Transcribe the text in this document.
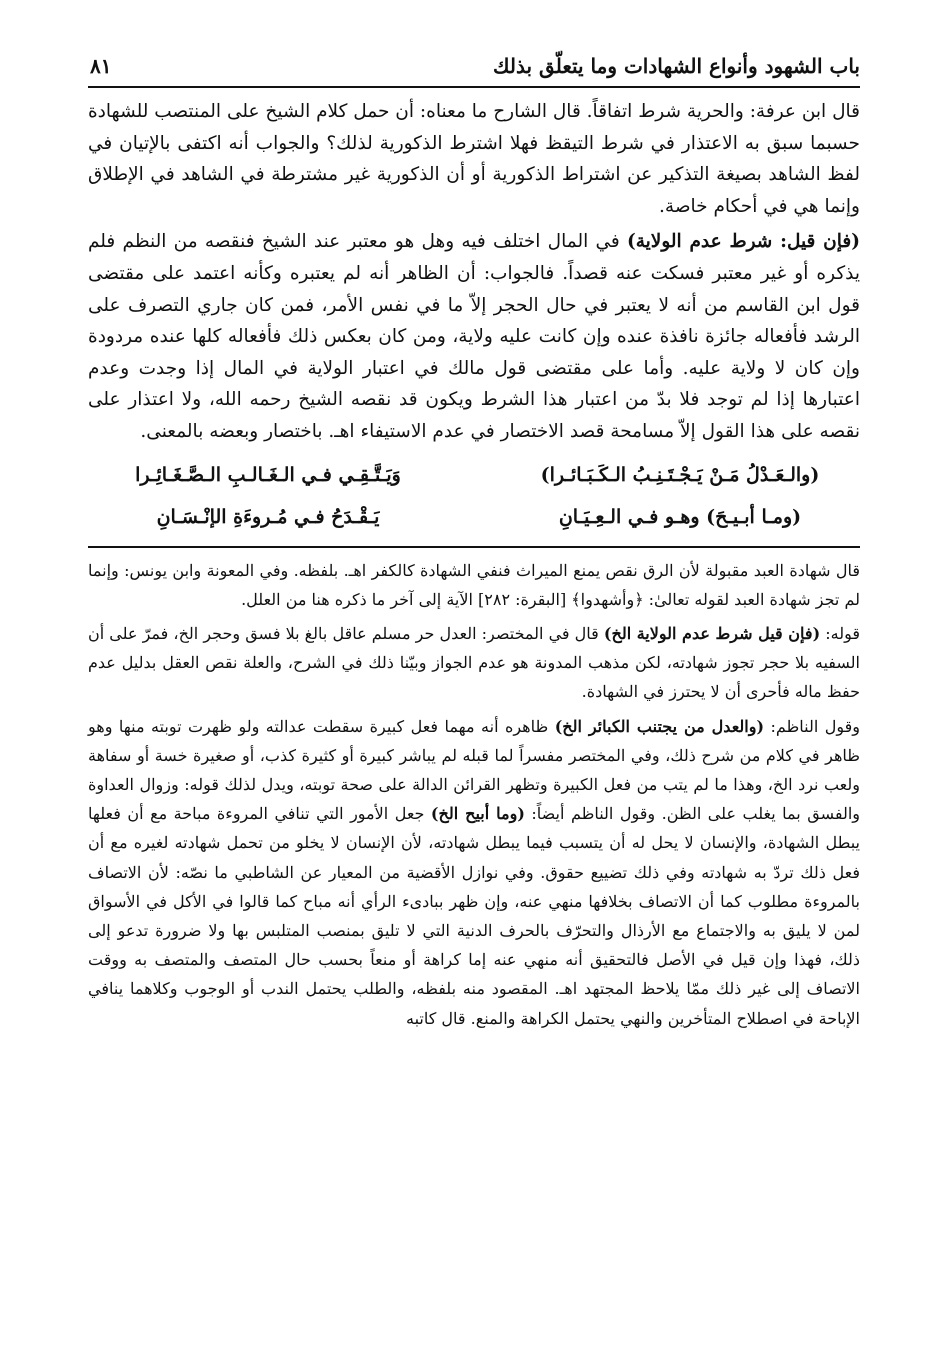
باب الشهود وأنواع الشهادات وما يتعلّق بذلك
٨١

قال ابن عرفة: والحرية شرط اتفاقاً. قال الشارح ما معناه: أن حمل كلام الشيخ على المنتصب للشهادة حسبما سبق به الاعتذار في شرط التيقظ فهلا اشترط الذكورية لذلك؟ والجواب أنه اكتفى بالإتيان في لفظ الشاهد بصيغة التذكير عن اشتراط الذكورية أو أن الذكورية غير مشترطة في الشاهد في الإطلاق وإنما هي في أحكام خاصة.

(فإن قيل: شرط عدم الولاية) في المال اختلف فيه وهل هو معتبر عند الشيخ فنقصه من النظم فلم يذكره أو غير معتبر فسكت عنه قصداً. فالجواب: أن الظاهر أنه لم يعتبره وكأنه اعتمد على مقتضى قول ابن القاسم من أنه لا يعتبر في حال الحجر إلاّ ما في نفس الأمر، فمن كان جاري التصرف على الرشد فأفعاله جائزة نافذة عنده وإن كانت عليه ولاية، ومن كان بعكس ذلك فأفعاله كلها عنده مردودة وإن كان لا ولاية عليه. وأما على مقتضى قول مالك في اعتبار الولاية في المال إذا وجدت وعدم اعتبارها إذا لم توجد فلا بدّ من اعتبار هذا الشرط ويكون قد نقصه الشيخ رحمه الله، ولا اعتذار على نقصه على هذا القول إلاّ مسامحة قصد الاختصار في عدم الاستيفاء اهـ. باختصار وبعضه بالمعنى.

(والـعَـدْلُ مَـنْ يَـجْـتَـنِـبُ الـكَـبَـائـرا)
وَيَـتَّـقِـي فـي الـغَـالـبِ الـصَّـغَـائِـرا
(ومـا أبـيـحَ) وهـو فـي الـعِـيَـانِ
يَـقْـدَحُ فـي مُـروءَةِ الإنْـسَـانِ

قال شهادة العبد مقبولة لأن الرق نقص يمنع الميراث فنفي الشهادة كالكفر اهـ. بلفظه. وفي المعونة وابن يونس: وإنما لم تجز شهادة العبد لقوله تعالىٰ: ﴿وأشهدوا﴾ [البقرة: ٢٨٢] الآية إلى آخر ما ذكره هنا من العلل.

قوله: (فإن قيل شرط عدم الولاية الخ) قال في المختصر: العدل حر مسلم عاقل بالغ بلا فسق وحجر الخ، فمرّ على أن السفيه بلا حجر تجوز شهادته، لكن مذهب المدونة هو عدم الجواز وبيّنا ذلك في الشرح، والعلة نقص العقل بدليل عدم حفظ ماله فأحرى أن لا يحترز في الشهادة.

وقول الناظم: (والعدل من يجتنب الكبائر الخ) ظاهره أنه مهما فعل كبيرة سقطت عدالته ولو ظهرت توبته منها وهو ظاهر في كلام من شرح ذلك، وفي المختصر مفسراً لما قبله لم يباشر كبيرة أو كثيرة كذب، أو صغيرة خسة أو سفاهة ولعب نرد الخ، وهذا ما لم يتب من فعل الكبيرة وتظهر القرائن الدالة على صحة توبته، ويدل لذلك قوله: وزوال العداوة والفسق بما يغلب على الظن. وقول الناظم أيضاً: (وما أبيح الخ) جعل الأمور التي تنافي المروءة مباحة مع أن فعلها يبطل الشهادة، والإنسان لا يحل له أن يتسبب فيما يبطل شهادته، لأن الإنسان لا يخلو من تحمل شهادته لغيره مع أن فعل ذلك تردّ به شهادته وفي ذلك تضييع حقوق. وفي نوازل الأقضية من المعيار عن الشاطبي ما نصّه: لأن الاتصاف بالمروءة مطلوب كما أن الاتصاف بخلافها منهي عنه، وإن ظهر ببادىء الرأي أنه مباح كما قالوا في الأكل في الأسواق لمن لا يليق به والاجتماع مع الأرذال والتحرّف بالحرف الدنية التي لا تليق بمنصب المتلبس بها ولا ضرورة تدعو إلى ذلك، فهذا وإن قيل في الأصل فالتحقيق أنه منهي عنه إما كراهة أو منعاً بحسب حال المتصف والمتصف به ووقت الاتصاف إلى غير ذلك ممّا يلاحظ المجتهد اهـ. المقصود منه بلفظه، والطلب يحتمل الندب أو الوجوب وكلاهما ينافي الإباحة في اصطلاح المتأخرين والنهي يحتمل الكراهة والمنع. قال كاتبه
